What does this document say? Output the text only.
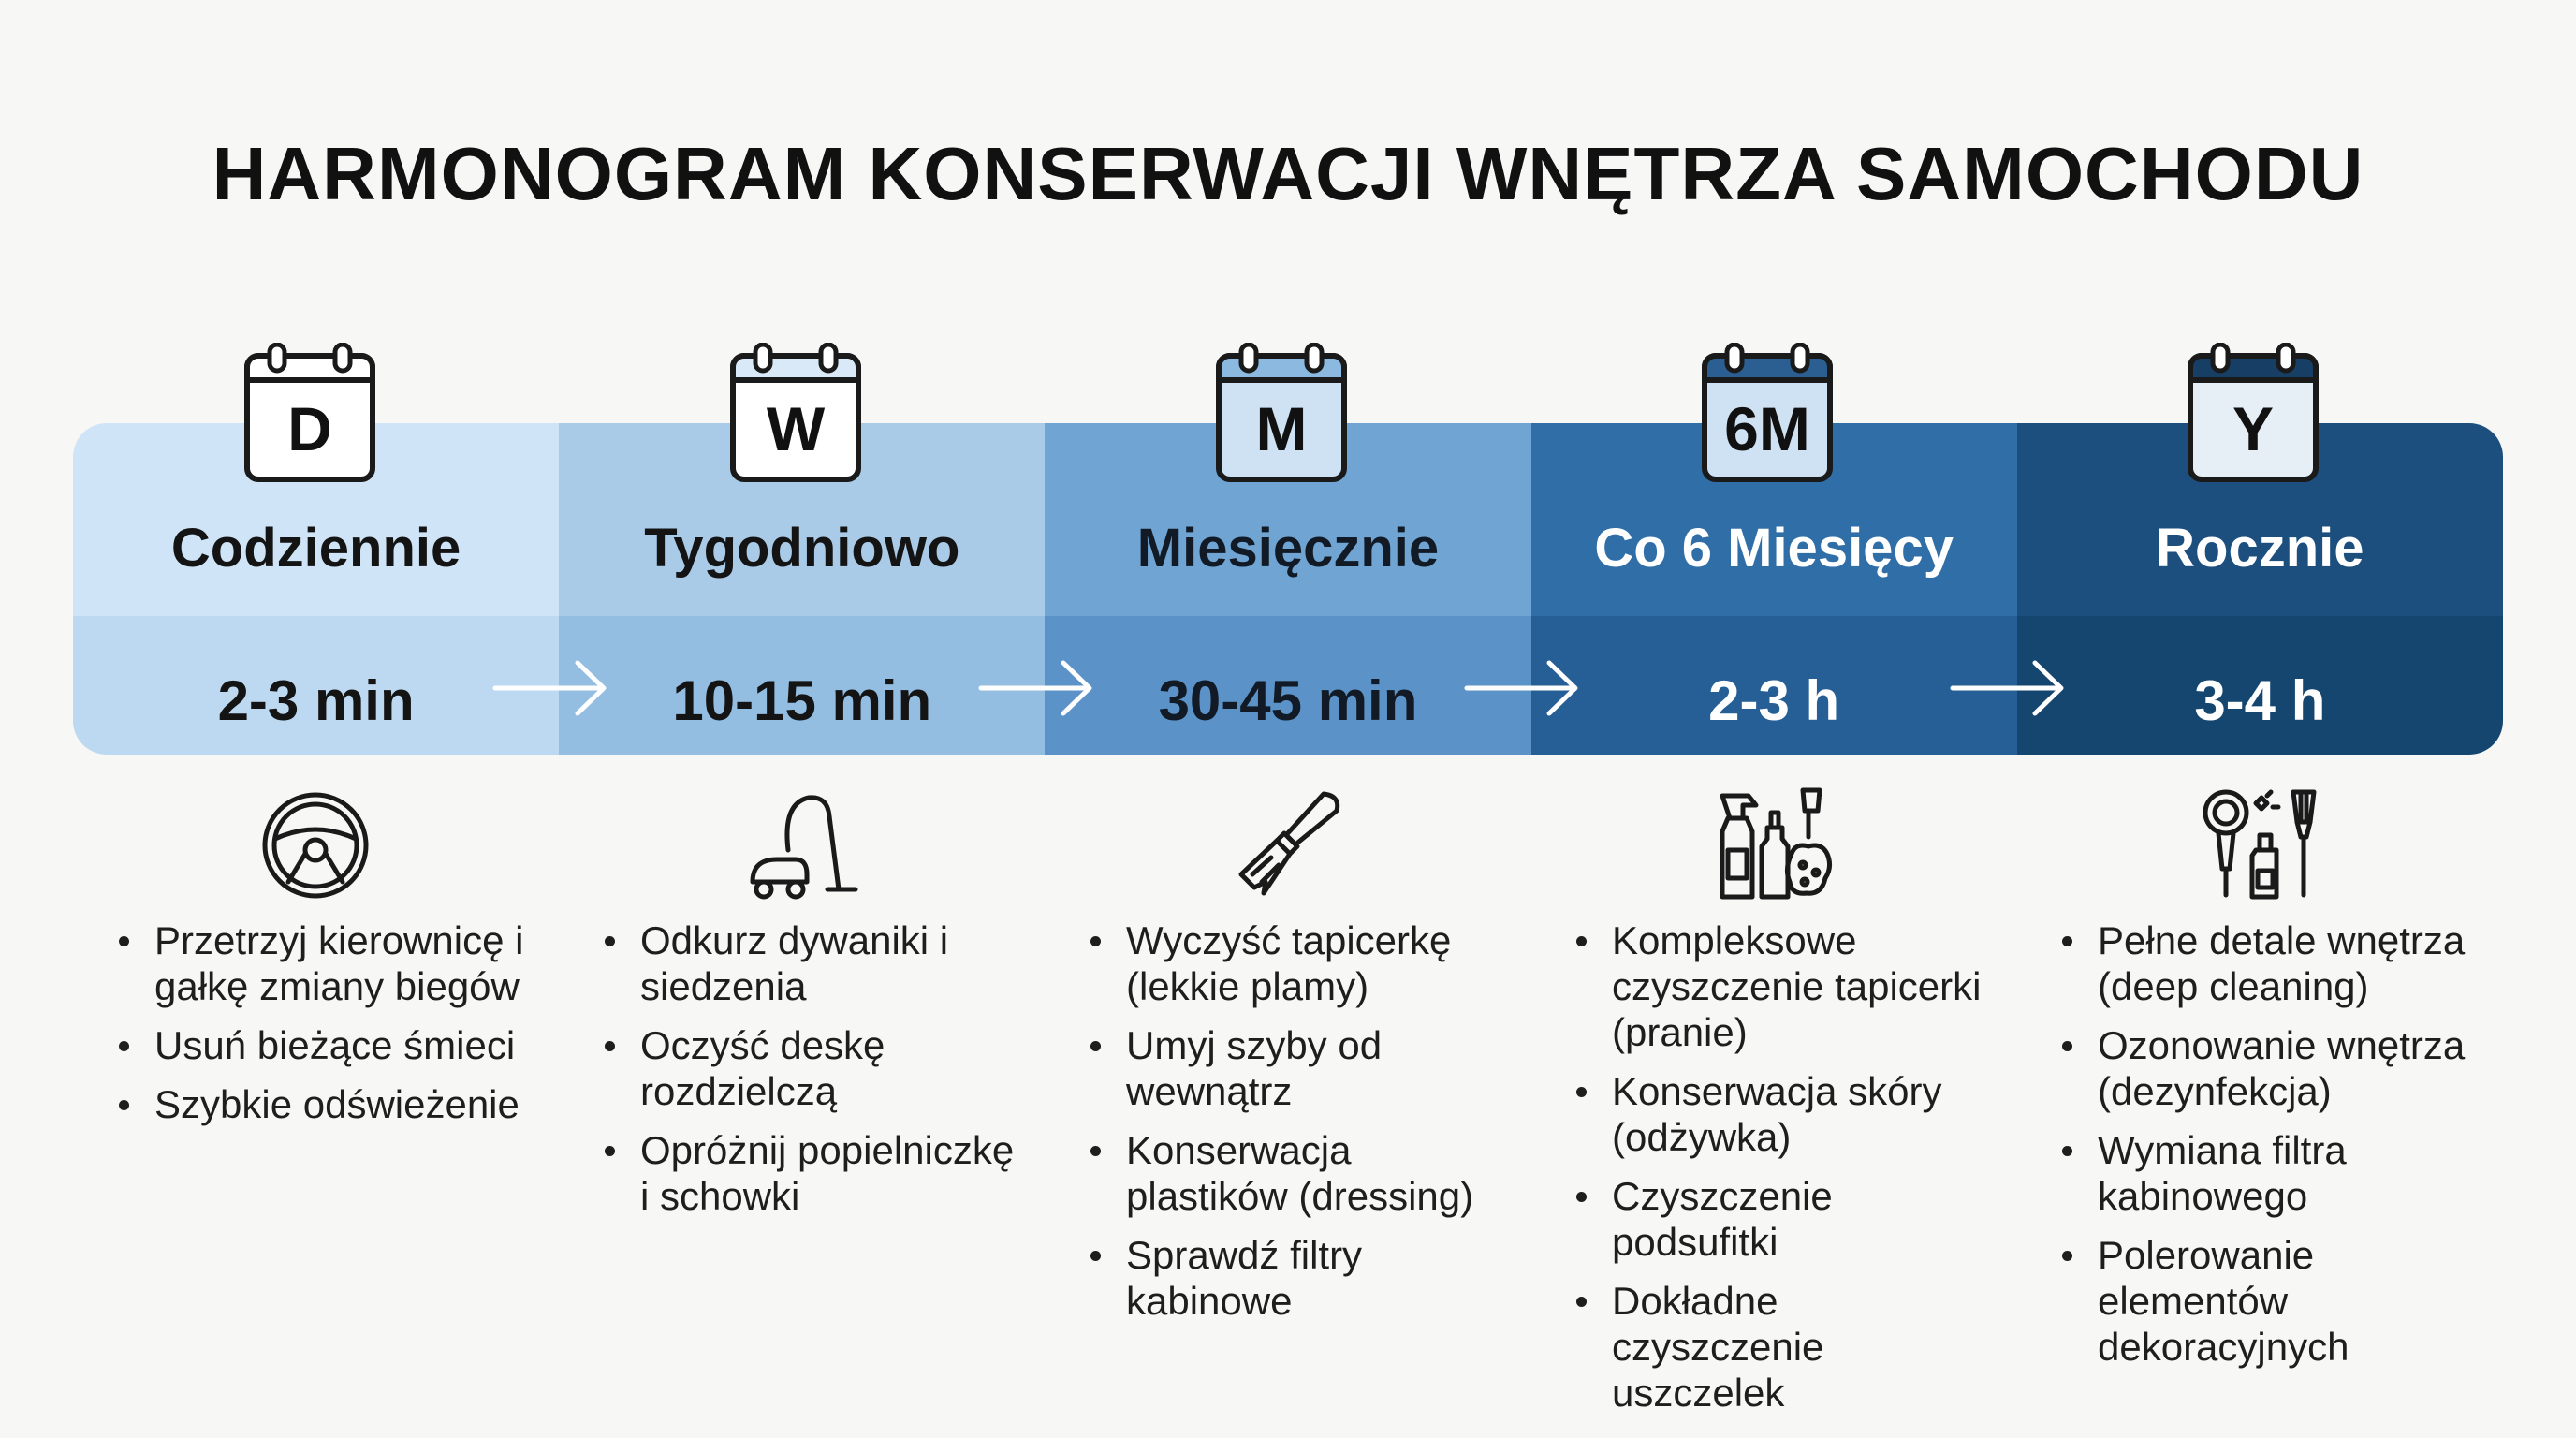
HARMONOGRAM KONSERWACJI WNĘTRZA SAMOCHODU
Codziennie
2-3 min
Tygodniowo
10-15 min
Miesięcznie
30-45 min
Co 6 Miesięcy
2-3 h
Rocznie
3-4 h
D	W	M	6M	Y
Przetrzyj kierownicę i gałkę zmiany biegów
Usuń bieżące śmieci
Szybkie odświeżenie
Odkurz dywaniki i siedzenia
Oczyść deskę rozdzielczą
Opróżnij popielniczkę i schowki
Wyczyść tapicerkę (lekkie plamy)
Umyj szyby od wewnątrz
Konserwacja plastików (dressing)
Sprawdź filtry kabinowe
Kompleksowe czyszczenie tapicerki (pranie)
Konserwacja skóry (odżywka)
Czyszczenie podsufitki
Dokładne czyszczenie uszczelek
Pełne detale wnętrza (deep cleaning)
Ozonowanie wnętrza (dezynfekcja)
Wymiana filtra kabinowego
Polerowanie elementów dekoracyjnych
